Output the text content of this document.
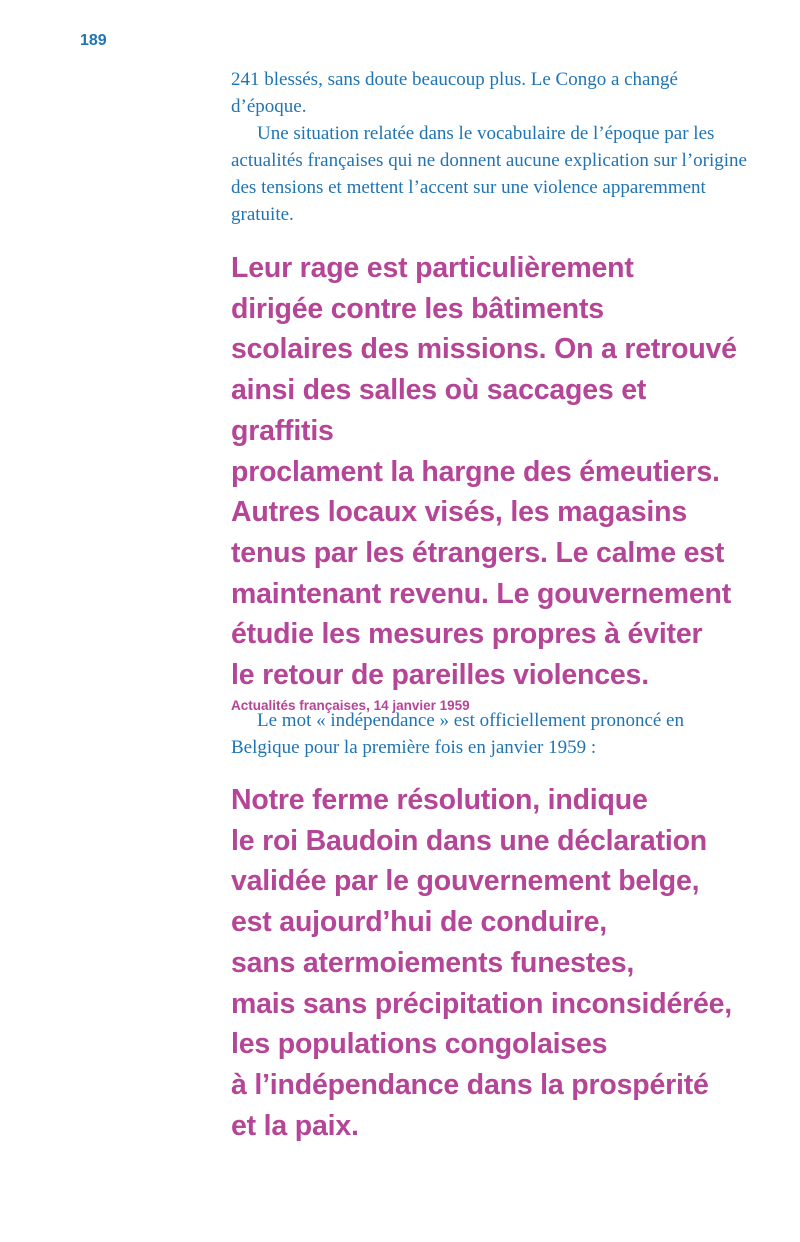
189

241 blessés, sans doute beaucoup plus. Le Congo a changé d’époque.

Une situation relatée dans le vocabulaire de l’époque par les actualités françaises qui ne donnent aucune explication sur l’origine des tensions et mettent l’accent sur une violence apparemment gratuite.

Leur rage est particulièrement
dirigée contre les bâtiments
scolaires des missions. On a retrouvé
ainsi des salles où saccages et graffitis
proclament la hargne des émeutiers.
Autres locaux visés, les magasins
tenus par les étrangers. Le calme est
maintenant revenu. Le gouvernement
étudie les mesures propres à éviter
le retour de pareilles violences.

Actualités françaises, 14 janvier 1959

Le mot « indépendance » est officiellement prononcé en Belgique pour la première fois en janvier 1959 :

Notre ferme résolution, indique
le roi Baudoin dans une déclaration
validée par le gouvernement belge,
est aujourd’hui de conduire,
sans atermoiements funestes,
mais sans précipitation inconsidérée,
les populations congolaises
à l’indépendance dans la prospérité
et la paix.
